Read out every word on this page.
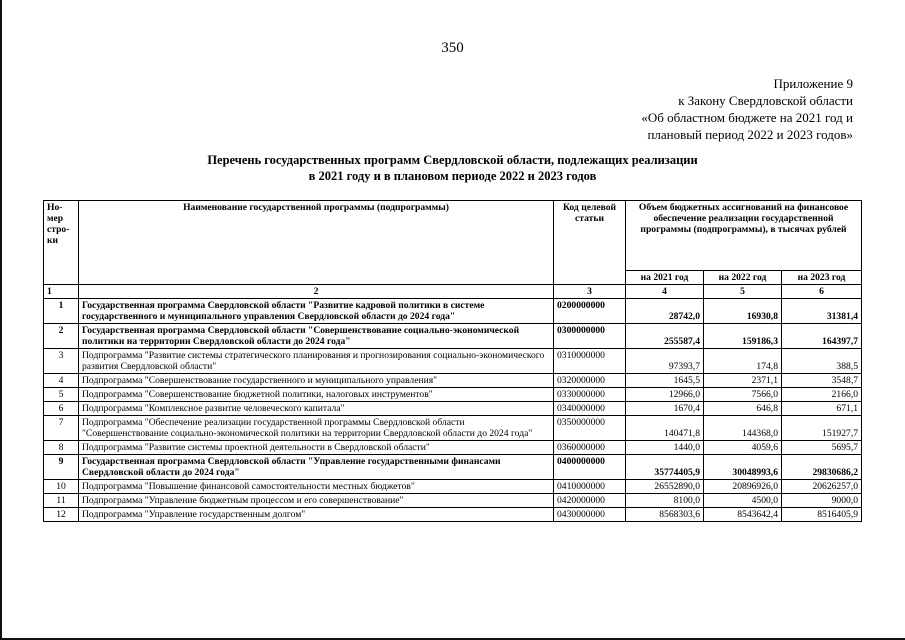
350
Приложение 9
к Закону Свердловской области
«Об областном бюджете на 2021 год и
плановый период 2022 и 2023 годов»
Перечень государственных программ Свердловской области, подлежащих реализации
в 2021 году и в плановом периоде 2022 и 2023 годов
Но-мер стро-ки	Наименование государственной программы (подпрограммы)	Код целевой статьи	Объем бюджетных ассигнований на финансовое обеспечение реализации государственной программы (подпрограммы), в тысячах рублей		
			на 2021 год	на 2022 год	на 2023 год
1	2	3	4	5	6
1	Государственная программа Свердловской области "Развитие кадровой политики в системе государственного и муниципального управления Свердловской области до 2024 года"	0200000000	28742,0	16930,8	31381,4
2	Государственная программа Свердловской области "Совершенствование социально-экономической политики на территории Свердловской области до 2024 года"	0300000000	255587,4	159186,3	164397,7
3	Подпрограмма "Развитие системы стратегического планирования и прогнозирования социально-экономического развития Свердловской области"	0310000000	97393,7	174,8	388,5
4	Подпрограмма "Совершенствование государственного и муниципального управления"	0320000000	1645,5	2371,1	3548,7
5	Подпрограмма "Совершенствование бюджетной политики, налоговых инструментов"	0330000000	12966,0	7566,0	2166,0
6	Подпрограмма "Комплексное развитие человеческого капитала"	0340000000	1670,4	646,8	671,1
7	Подпрограмма "Обеспечение реализации государственной программы Свердловской области "Совершенствование социально-экономической политики на территории Свердловской области до 2024 года"	0350000000	140471,8	144368,0	151927,7
8	Подпрограмма "Развитие системы проектной деятельности в Свердловской области"	0360000000	1440,0	4059,6	5695,7
9	Государственная программа Свердловской области "Управление государственными финансами Свердловской области до 2024 года"	0400000000	35774405,9	30048993,6	29830686,2
10	Подпрограмма "Повышение финансовой самостоятельности местных бюджетов"	0410000000	26552890,0	20896926,0	20626257,0
11	Подпрограмма "Управление бюджетным процессом и его совершенствование"	0420000000	8100,0	4500,0	9000,0
12	Подпрограмма "Управление государственным долгом"	0430000000	8568303,6	8543642,4	8516405,9
